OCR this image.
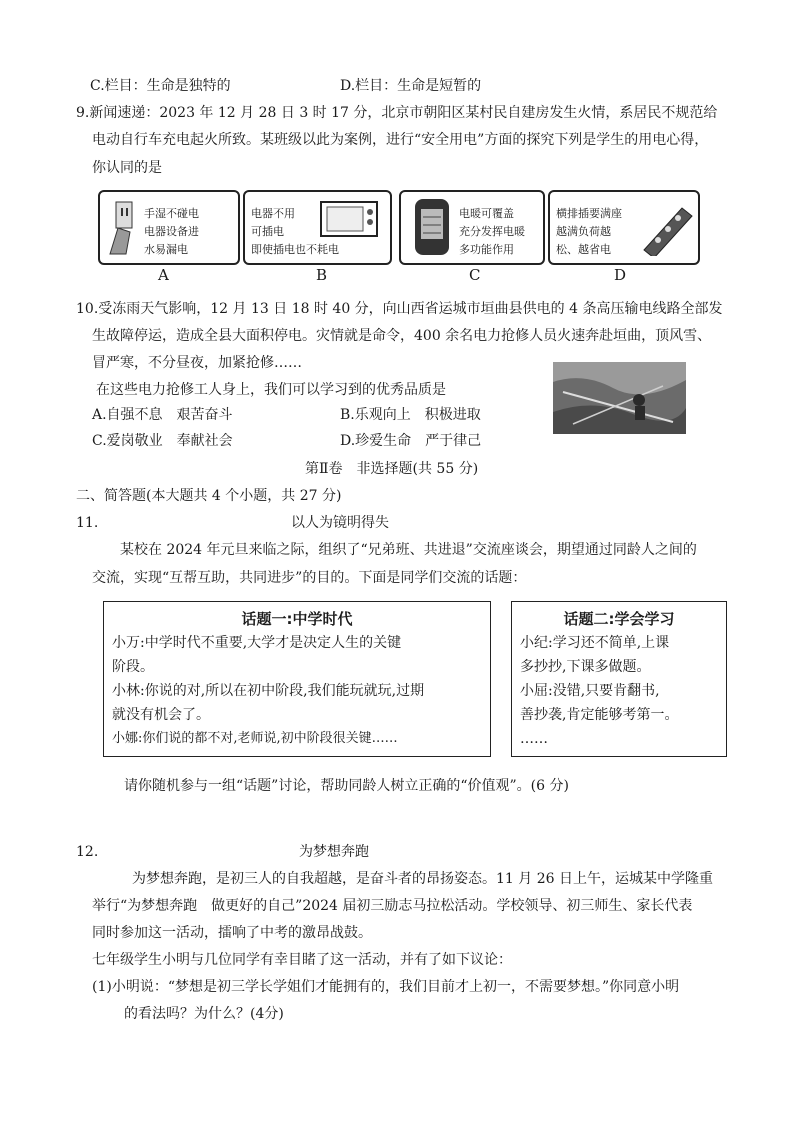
C.栏目：生命是独特的	D.栏目：生命是短暂的
9.新闻速递：2023 年 12 月 28 日 3 时 17 分，北京市朝阳区某村民自建房发生火情，系居民不规范给
电动自行车充电起火所致。某班级以此为案例，进行“安全用电”方面的探究下列是学生的用电心得，
你认同的是
手湿不碰电
电器设备进
水易漏电
A
电器不用
可插电
即使插电也不耗电
B
电暖可覆盖
充分发挥电暖
多功能作用
C
横排插要满座
越满负荷越
松、越省电
D
10.受冻雨天气影响，12 月 13 日 18 时 40 分，向山西省运城市垣曲县供电的 4 条高压输电线路全部发
生故障停运，造成全县大面积停电。灾情就是命令，400 余名电力抢修人员火速奔赴垣曲，顶风雪、
冒严寒，不分昼夜，加紧抢修……
在这些电力抢修工人身上，我们可以学习到的优秀品质是
A.自强不息　艰苦奋斗	B.乐观向上　积极进取
C.爱岗敬业　奉献社会	D.珍爱生命　严于律己
第Ⅱ卷　非选择题(共 55 分)
二、简答题(本大题共 4 个小题，共 27 分)
11.	以人为镜明得失
某校在 2024 年元旦来临之际，组织了“兄弟班、共进退”交流座谈会，期望通过同龄人之间的
交流，实现“互帮互助，共同进步”的目的。下面是同学们交流的话题：
话题一:中学时代
小万:中学时代不重要,大学才是决定人生的关键
阶段。
小林:你说的对,所以在初中阶段,我们能玩就玩,过期
就没有机会了。
小娜:你们说的都不对,老师说,初中阶段很关键……
话题二:学会学习
小纪:学习还不简单,上课
多抄抄,下课多做题。
小屈:没错,只要肯翻书,
善抄袭,肯定能够考第一。
……
请你随机参与一组“话题”讨论，帮助同龄人树立正确的“价值观”。(6 分)
12.	为梦想奔跑
为梦想奔跑，是初三人的自我超越，是奋斗者的昂扬姿态。11 月 26 日上午，运城某中学隆重
举行“为梦想奔跑　做更好的自己”2024 届初三励志马拉松活动。学校领导、初三师生、家长代表
同时参加这一活动，擂响了中考的激昂战鼓。
七年级学生小明与几位同学有幸目睹了这一活动，并有了如下议论：
(1)小明说：“梦想是初三学长学姐们才能拥有的，我们目前才上初一，不需要梦想。”你同意小明
的看法吗？为什么？(4分)
